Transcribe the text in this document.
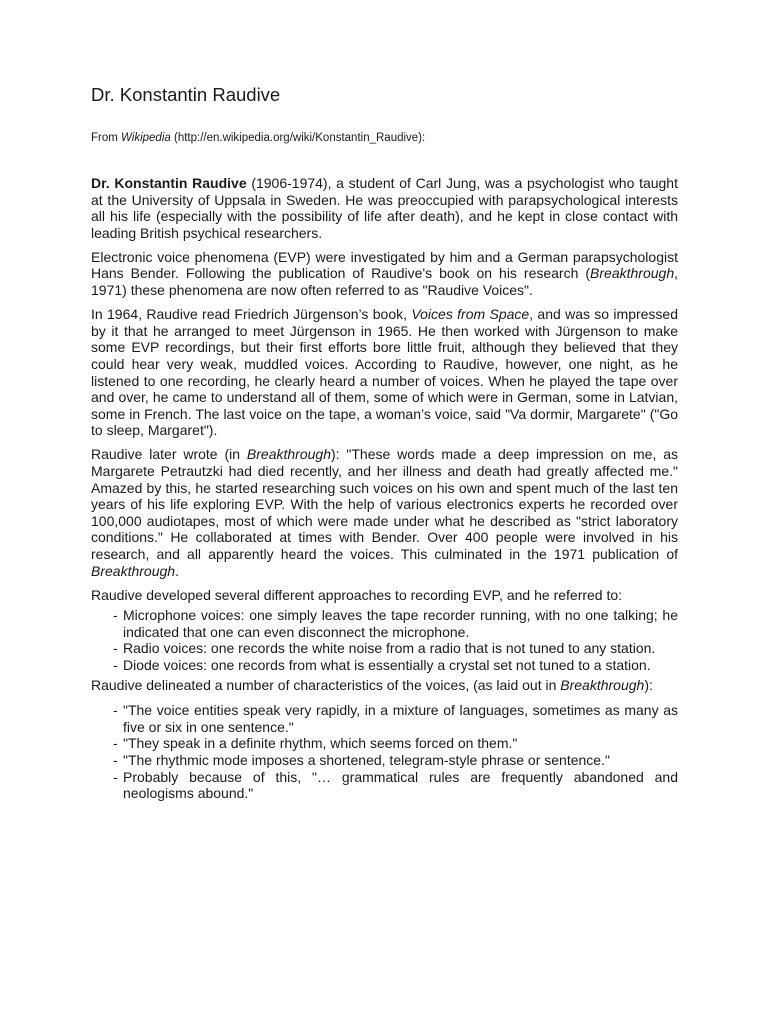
Dr. Konstantin Raudive
From Wikipedia (http://en.wikipedia.org/wiki/Konstantin_Raudive):

Dr. Konstantin Raudive (1906-1974), a student of Carl Jung, was a psychologist who taught at the University of Uppsala in Sweden. He was preoccupied with parapsychological interests all his life (especially with the possibility of life after death), and he kept in close contact with leading British psychical researchers.

Electronic voice phenomena (EVP) were investigated by him and a German parapsychologist Hans Bender. Following the publication of Raudive's book on his research (Breakthrough, 1971) these phenomena are now often referred to as "Raudive Voices".

In 1964, Raudive read Friedrich Jürgenson’s book, Voices from Space, and was so impressed by it that he arranged to meet Jürgenson in 1965. He then worked with Jürgenson to make some EVP recordings, but their first efforts bore little fruit, although they believed that they could hear very weak, muddled voices. According to Raudive, however, one night, as he listened to one recording, he clearly heard a number of voices. When he played the tape over and over, he came to understand all of them, some of which were in German, some in Latvian, some in French. The last voice on the tape, a woman’s voice, said "Va dormir, Margarete" ("Go to sleep, Margaret").

Raudive later wrote (in Breakthrough): "These words made a deep impression on me, as Margarete Petrautzki had died recently, and her illness and death had greatly affected me." Amazed by this, he started researching such voices on his own and spent much of the last ten years of his life exploring EVP. With the help of various electronics experts he recorded over 100,000 audiotapes, most of which were made under what he described as "strict laboratory conditions." He collaborated at times with Bender. Over 400 people were involved in his research, and all apparently heard the voices. This culminated in the 1971 publication of Breakthrough.

Raudive developed several different approaches to recording EVP, and he referred to:

- Microphone voices: one simply leaves the tape recorder running, with no one talking; he indicated that one can even disconnect the microphone.
- Radio voices: one records the white noise from a radio that is not tuned to any station.
- Diode voices: one records from what is essentially a crystal set not tuned to a station.

Raudive delineated a number of characteristics of the voices, (as laid out in Breakthrough):

- "The voice entities speak very rapidly, in a mixture of languages, sometimes as many as five or six in one sentence."
- "They speak in a definite rhythm, which seems forced on them."
- "The rhythmic mode imposes a shortened, telegram-style phrase or sentence."
- Probably because of this, "… grammatical rules are frequently abandoned and neologisms abound."
